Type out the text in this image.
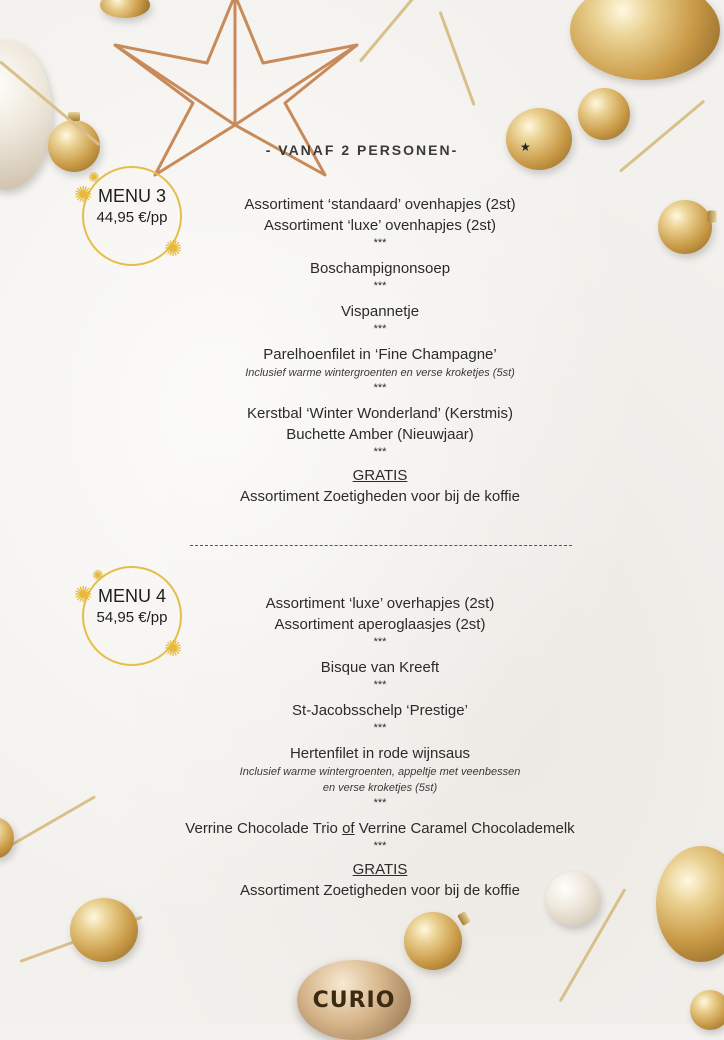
★
- VANAF 2 PERSONEN-
MENU 3
44,95 €/pp
✺
✺
✺
Assortiment ‘standaard’ ovenhapjes (2st)
Assortiment ‘luxe’ ovenhapjes (2st)
***
Boschampignonsoep
***
Vispannetje
***
Parelhoenfilet in ‘Fine Champagne’
Inclusief warme wintergroenten en verse kroketjes (5st)
***
Kerstbal ‘Winter Wonderland’ (Kerstmis)
Buchette Amber (Nieuwjaar)
***
GRATIS
Assortiment Zoetigheden voor bij de koffie
MENU 4
54,95 €/pp
✺
✺
✺
Assortiment ‘luxe’ overhapjes (2st)
Assortiment aperoglaasjes (2st)
***
Bisque van Kreeft
***
St-Jacobsschelp ‘Prestige’
***
Hertenfilet in rode wijnsaus
Inclusief warme wintergroenten, appeltje met veenbessen
en verse kroketjes (5st)
***
Verrine Chocolade Trio of Verrine Caramel Chocolademelk
***
GRATIS
Assortiment Zoetigheden voor bij de koffie
CURIO
